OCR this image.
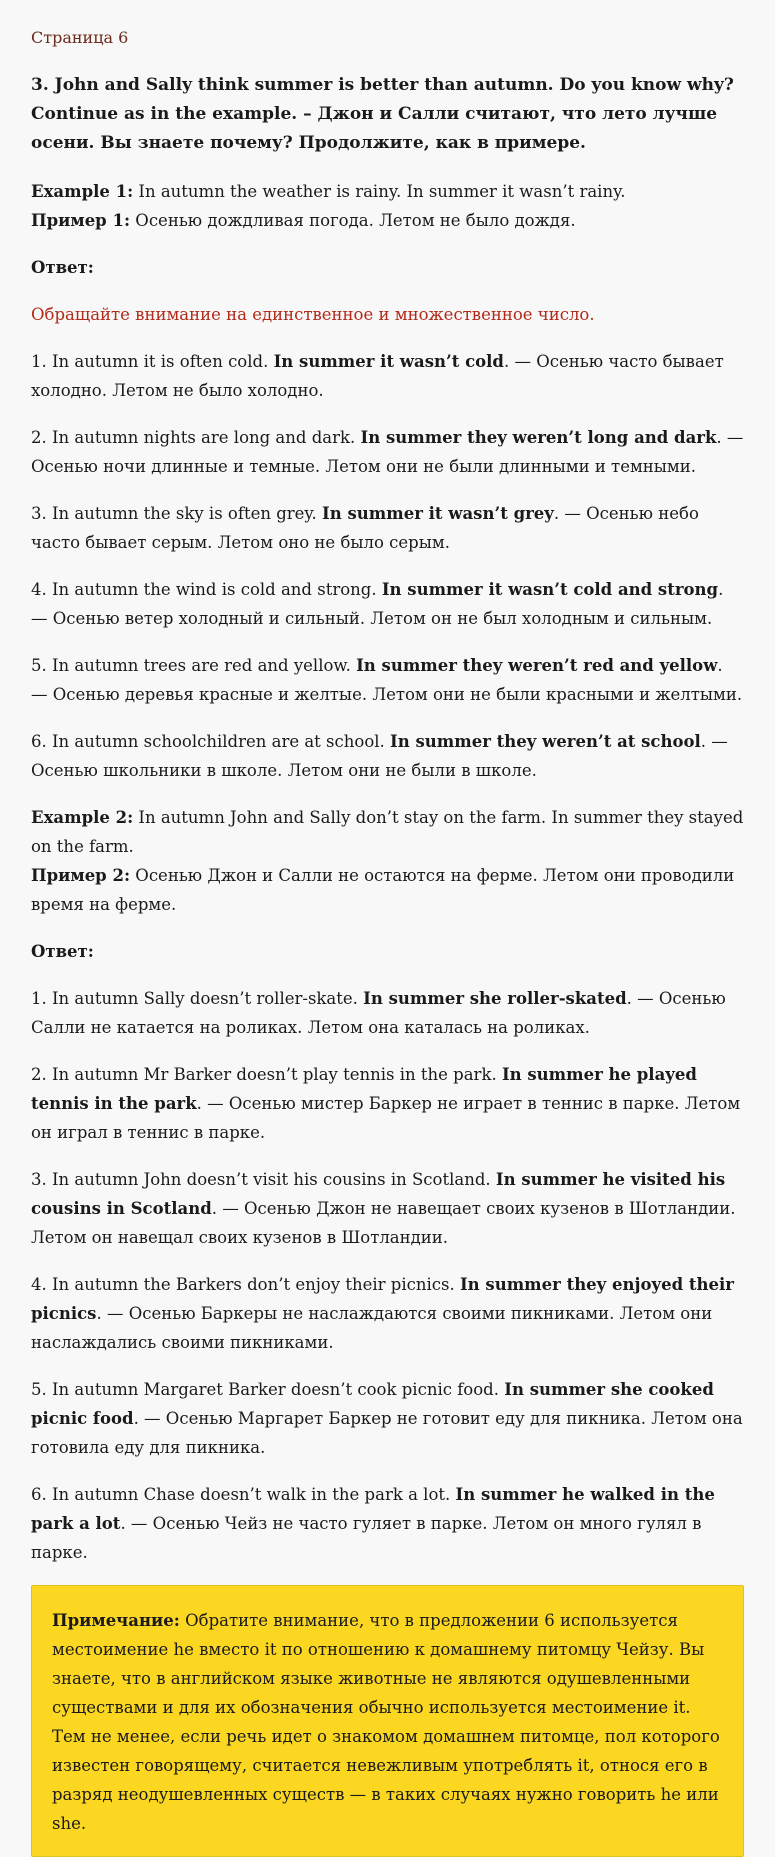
Страница 6
3. John and Sally think summer is better than autumn. Do you know why? Continue as in the example. – Джон и Салли считают, что лето лучше осени. Вы знаете почему? Продолжите, как в примере.
Example 1: In autumn the weather is rainy. In summer it wasn’t rainy.
Пример 1: Осенью дождливая погода. Летом не было дождя.
Ответ:
Обращайте внимание на единственное и множественное число.
1. In autumn it is often cold. In summer it wasn’t cold. — Осенью часто бывает холодно. Летом не было холодно.
2. In autumn nights are long and dark. In summer they weren’t long and dark. — Осенью ночи длинные и темные. Летом они не были длинными и темными.
3. In autumn the sky is often grey. In summer it wasn’t grey. — Осенью небо часто бывает серым. Летом оно не было серым.
4. In autumn the wind is cold and strong. In summer it wasn’t cold and strong. — Осенью ветер холодный и сильный. Летом он не был холодным и сильным.
5. In autumn trees are red and yellow. In summer they weren’t red and yellow. — Осенью деревья красные и желтые. Летом они не были красными и желтыми.
6. In autumn schoolchildren are at school. In summer they weren’t at school. — Осенью школьники в школе. Летом они не были в школе.
Example 2: In autumn John and Sally don’t stay on the farm. In summer they stayed on the farm.
Пример 2: Осенью Джон и Салли не остаются на ферме. Летом они проводили время на ферме.
Ответ:
1. In autumn Sally doesn’t roller-skate. In summer she roller-skated. — Осенью Салли не катается на роликах. Летом она каталась на роликах.
2. In autumn Mr Barker doesn’t play tennis in the park. In summer he played tennis in the park. — Осенью мистер Баркер не играет в теннис в парке. Летом он играл в теннис в парке.
3. In autumn John doesn’t visit his cousins in Scotland. In summer he visited his cousins in Scotland. — Осенью Джон не навещает своих кузенов в Шотландии. Летом он навещал своих кузенов в Шотландии.
4. In autumn the Barkers don’t enjoy their picnics. In summer they enjoyed their picnics. — Осенью Баркеры не наслаждаются своими пикниками. Летом они наслаждались своими пикниками.
5. In autumn Margaret Barker doesn’t cook picnic food. In summer she cooked picnic food. — Осенью Маргарет Баркер не готовит еду для пикника. Летом она готовила еду для пикника.
6. In autumn Chase doesn’t walk in the park a lot. In summer he walked in the park a lot. — Осенью Чейз не часто гуляет в парке. Летом он много гулял в парке.
Примечание: Обратите внимание, что в предложении 6 используется местоимение he вместо it по отношению к домашнему питомцу Чейзу. Вы знаете, что в английском языке животные не являются одушевленными существами и для их обозначения обычно используется местоимение it. Тем не менее, если речь идет о знакомом домашнем питомце, пол которого известен говорящему, считается невежливым употреблять it, относя его в разряд неодушевленных существ — в таких случаях нужно говорить he или she.
